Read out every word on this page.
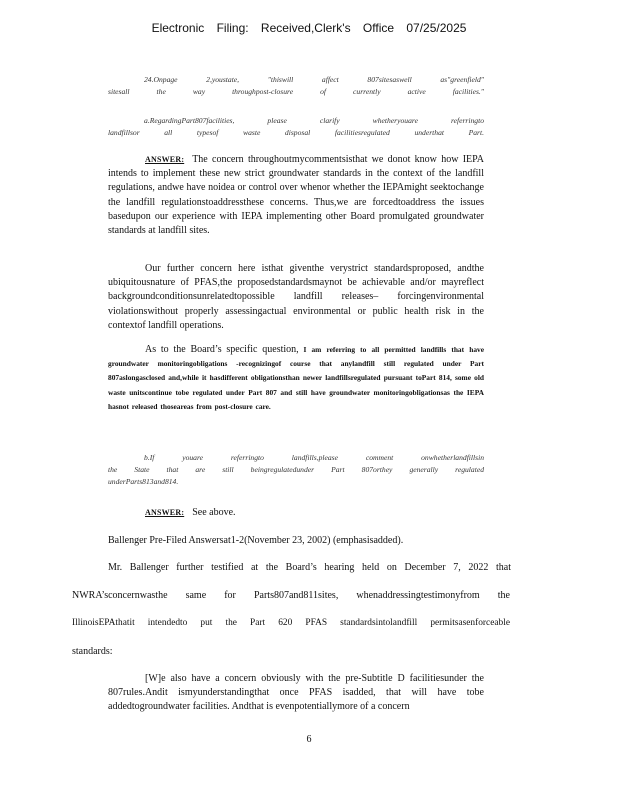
Electronic Filing: Received,Clerk's Office 07/25/2025
24.Onpage 2,youstate, "thiswill affect 807sitesaswell as"greenfield"
sitesall the way throughpost-closure of currently active facilities."
a.RegardingPart807facilities, please clarify whetheryouare referringto
landfillsor all typesof waste disposal facilitiesregulated underthat Part.
ANSWER: The concern throughoutmycommentsisthat we donot know how IEPA intends to implement these new strict groundwater standards in the context of the landfill regulations, andwe have noidea or control over whenor whether the IEPAmight seektochange the landfill regulationstoaddressthese concerns. Thus,we are forcedtoaddress the issues basedupon our experience with IEPA implementing other Board promulgated groundwater standards at landfill sites.
Our further concern here isthat giventhe verystrict standardsproposed, andthe ubiquitousnature of PFAS,the proposedstandardsmaynot be achievable and/or mayreflect backgroundconditionsunrelatedtopossible landfill releases– forcingenvironmental violationswithout properly assessingactual environmental or public health risk in the contextof landfill operations.
As to the Board’s specific question, I am referring to all permitted landfills that have groundwater monitoringobligations -recognizingof course that anylandfill still regulated under Part 807aslongasclosed and,while it hasdifferent obligationsthan newer landfillsregulated pursuant toPart 814, some old waste unitscontinue tobe regulated under Part 807 and still have groundwater monitoringobligationsas the IEPA hasnot released thoseareas from post-closure care.
b.If youare referringto landfills,please comment onwhetherlandfillsin
the State that are still beingregulatedunder Part 807orthey generally regulated
underParts813and814.
ANSWER: See above.
Ballenger Pre-Filed Answersat1-2(November 23, 2002) (emphasisadded).
Mr. Ballenger further testified at the Board’s hearing held on December 7, 2022 that
NWRA’sconcernwasthe same for Parts807and811sites, whenaddressingtestimonyfrom the
IllinoisEPAthatit intendedto put the Part 620 PFAS standardsintolandfill permitsasenforceable
standards:
[W]e also have a concern obviously with the pre-Subtitle D facilitiesunder the 807rules.Andit ismyunderstandingthat once PFAS isadded, that will have tobe addedtogroundwater facilities. Andthat is evenpotentiallymore of a concern
6
